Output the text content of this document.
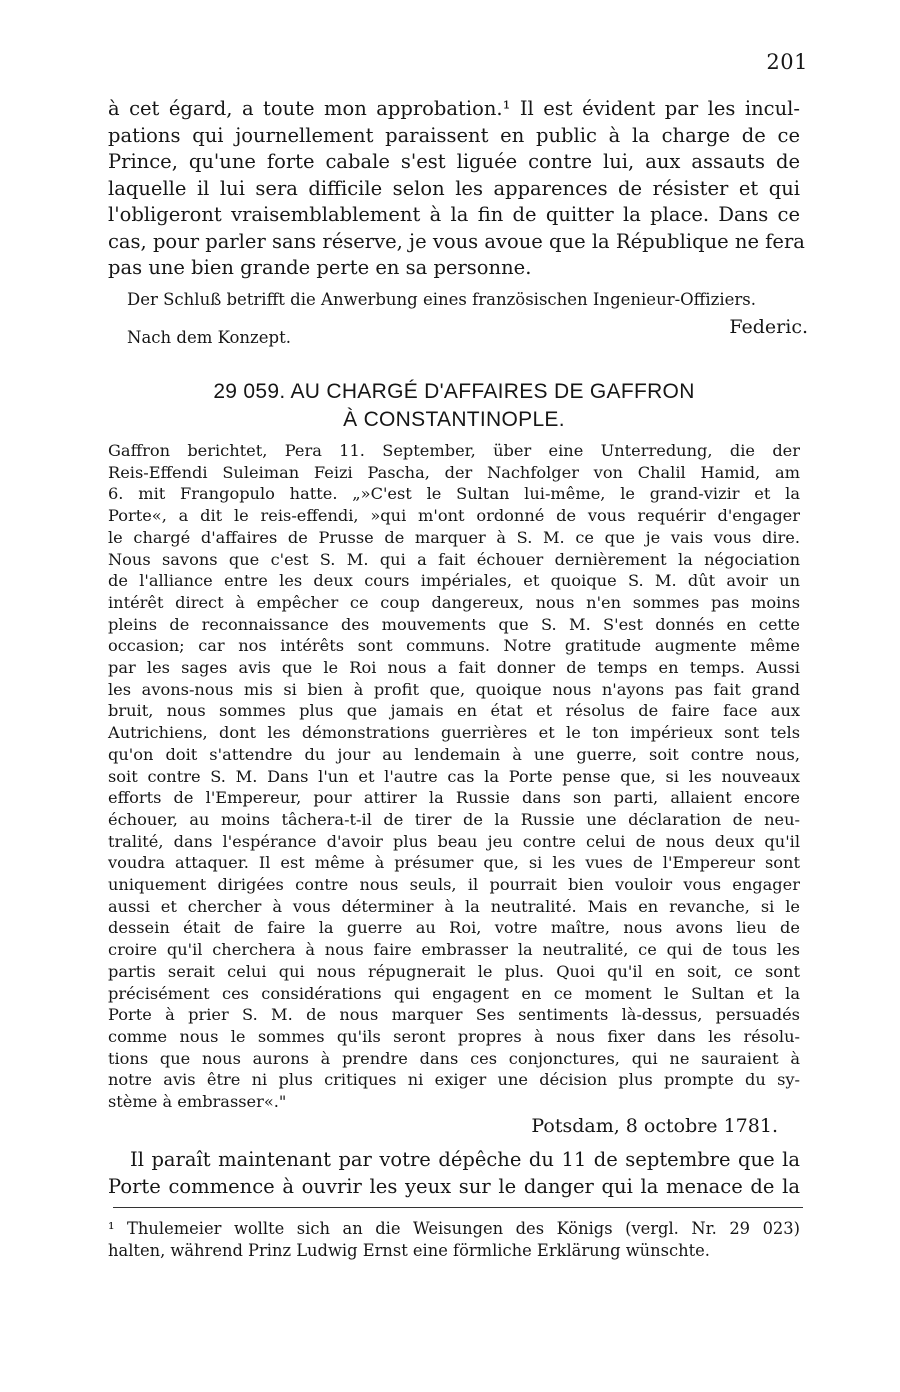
201
à cet égard, a toute mon approbation.¹ Il est évident par les incul-
pations qui journellement paraissent en public à la charge de ce
Prince, qu'une forte cabale s'est liguée contre lui, aux assauts de
laquelle il lui sera difficile selon les apparences de résister et qui
l'obligeront vraisemblablement à la fin de quitter la place. Dans ce
cas, pour parler sans réserve, je vous avoue que la République ne fera
pas une bien grande perte en sa personne.
Der Schluß betrifft die Anwerbung eines französischen Ingenieur-Offiziers.
Nach dem Konzept.	Federic.
29 059. AU CHARGÉ D'AFFAIRES DE GAFFRON
À CONSTANTINOPLE.
Gaffron berichtet, Pera 11. September, über eine Unterredung, die der
Reis-Effendi Suleiman Feizi Pascha, der Nachfolger von Chalil Hamid, am
6. mit Frangopulo hatte. „»C'est le Sultan lui-même, le grand-vizir et la
Porte«, a dit le reis-effendi, »qui m'ont ordonné de vous requérir d'engager
le chargé d'affaires de Prusse de marquer à S. M. ce que je vais vous dire.
Nous savons que c'est S. M. qui a fait échouer dernièrement la négociation
de l'alliance entre les deux cours impériales, et quoique S. M. dût avoir un
intérêt direct à empêcher ce coup dangereux, nous n'en sommes pas moins
pleins de reconnaissance des mouvements que S. M. S'est donnés en cette
occasion; car nos intérêts sont communs. Notre gratitude augmente même
par les sages avis que le Roi nous a fait donner de temps en temps. Aussi
les avons-nous mis si bien à profit que, quoique nous n'ayons pas fait grand
bruit, nous sommes plus que jamais en état et résolus de faire face aux
Autrichiens, dont les démonstrations guerrières et le ton impérieux sont tels
qu'on doit s'attendre du jour au lendemain à une guerre, soit contre nous,
soit contre S. M. Dans l'un et l'autre cas la Porte pense que, si les nouveaux
efforts de l'Empereur, pour attirer la Russie dans son parti, allaient encore
échouer, au moins tâchera-t-il de tirer de la Russie une déclaration de neu-
tralité, dans l'espérance d'avoir plus beau jeu contre celui de nous deux qu'il
voudra attaquer. Il est même à présumer que, si les vues de l'Empereur sont
uniquement dirigées contre nous seuls, il pourrait bien vouloir vous engager
aussi et chercher à vous déterminer à la neutralité. Mais en revanche, si le
dessein était de faire la guerre au Roi, votre maître, nous avons lieu de
croire qu'il cherchera à nous faire embrasser la neutralité, ce qui de tous les
partis serait celui qui nous répugnerait le plus. Quoi qu'il en soit, ce sont
précisément ces considérations qui engagent en ce moment le Sultan et la
Porte à prier S. M. de nous marquer Ses sentiments là-dessus, persuadés
comme nous le sommes qu'ils seront propres à nous fixer dans les résolu-
tions que nous aurons à prendre dans ces conjonctures, qui ne sauraient à
notre avis être ni plus critiques ni exiger une décision plus prompte du sy-
stème à embrasser«."
Potsdam, 8 octobre 1781.
Il paraît maintenant par votre dépêche du 11 de septembre que la
Porte commence à ouvrir les yeux sur le danger qui la menace de la
¹ Thulemeier wollte sich an die Weisungen des Königs (vergl. Nr. 29 023)
halten, während Prinz Ludwig Ernst eine förmliche Erklärung wünschte.
